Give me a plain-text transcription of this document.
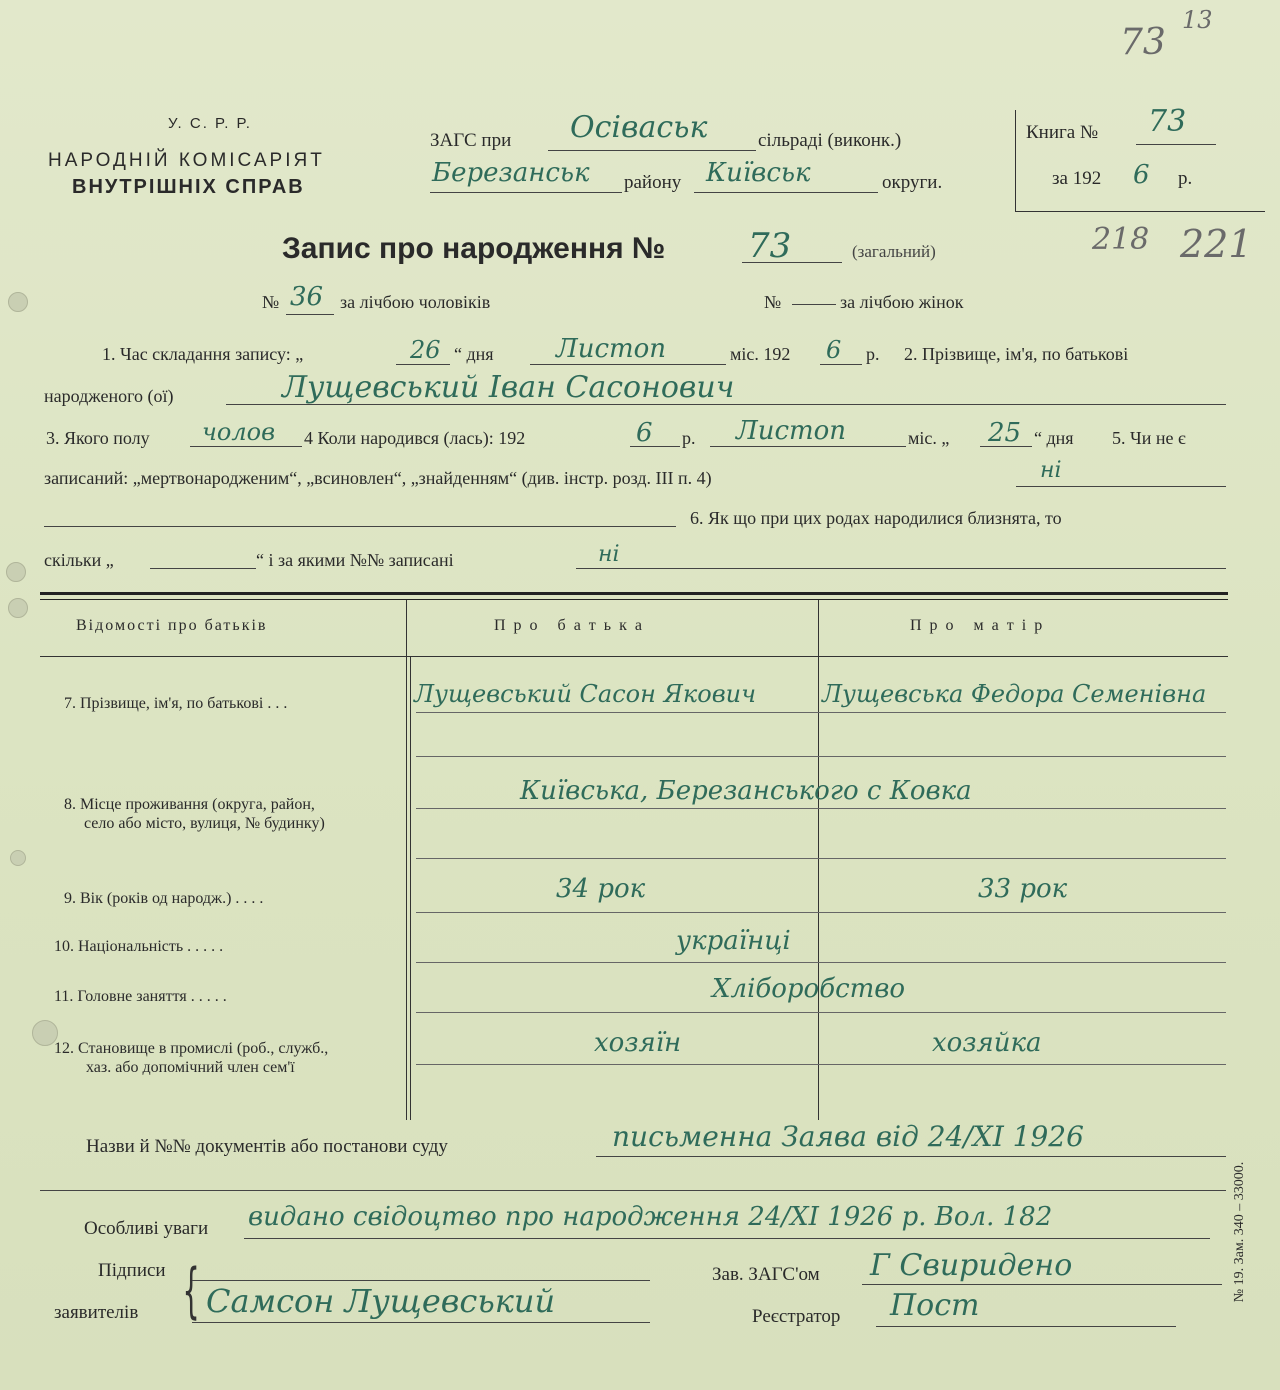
73
13
У. С. Р. Р.
НАРОДНІЙ КОМІСАРІЯТ
ВНУТРІШНІХ СПРАВ
ЗАГС при Осіваськ	сільраді (виконк.)
Березанськ району Київськ	округи.
Книга № 73
за 192 6 р.
Запис про народження № 73	(загальний)	218 221
№ 36 за лічбою чоловіків	№	за лічбою жінок
1. Час складання запису: „	26 “ дня Листоп	міс. 192 6 р. 2. Прізвище, ім'я, по батькові
народженого (ої)	Лущевський Іван Сасонович
3. Якого полу чолов 4 Коли народився (лась): 192	6 р. Листоп	міс. „ 25 “ дня 5. Чи не є
записаний: „мертвонародженим“, „всиновлен“, „знайденням“ (див. інстр. розд. III п. 4)	ні
6. Як що при цих родах народилися близнята, то
скільки „	“ і за якими №№ записані	ні
Відомості про батьків	П р о   б а т ь к а	П р о   м а т і р
7. Прізвище, ім'я, по батькові . . .	Лущевський Сасон Якович	Лущевська Федора Семенівна
8. Місце проживання (округа, район,
село або місто, вулиця, № будинку)
Київська, Березанського с Ковка
9. Вік (років од народж.) . . . .	34 рок	33 рок
10. Національність . . . . .	українці
11. Головне заняття . . . . .	Хліборобство
12. Становище в промислі (роб., служб.,
хаз. або допомічний член сем'ї
хозяїн	хозяйка
Назви й №№ документів або постанови суду	письменна Заява від 24/XI 1926
Особливі уваги видано свідоцтво про народження 24/XI 1926 р. Вол. 182
Підписи
заявителів { Самсон Лущевський
Зав. ЗАГС'ом Г Свиридено
Реєстратор Пост
№ 19. Зам. 340 – 33000.
